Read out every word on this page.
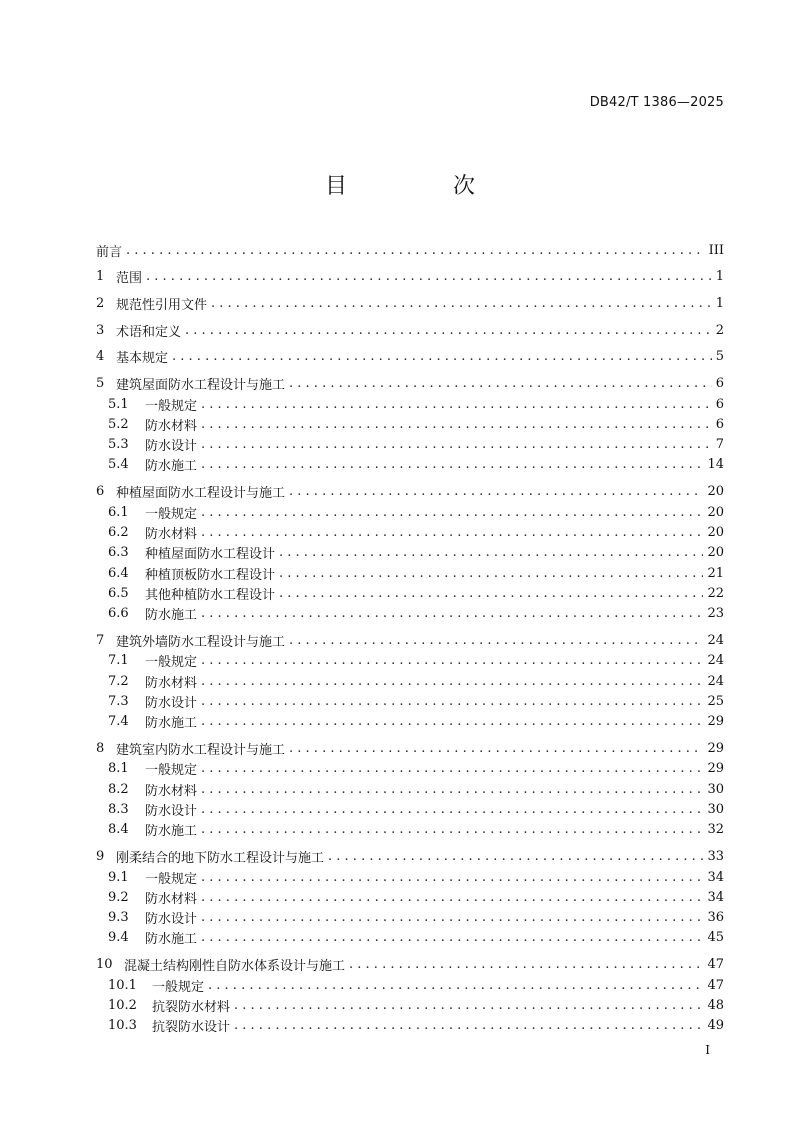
DB42/T 1386—2025
目　次
前言 . . .	III
1 范围 . . .	1
2 规范性引用文件 . . .	1
3 术语和定义 . . .	2
4 基本规定 . . .	5
5 建筑屋面防水工程设计与施工 . . .	6
5.1	一般规定 . . .	6
5.2	防水材料 . . .	6
5.3	防水设计 . . .	7
5.4	防水施工 . . .	14
6 种植屋面防水工程设计与施工 . . .	20
6.1	一般规定 . . .	20
6.2	防水材料 . . .	20
6.3	种植屋面防水工程设计 . . .	20
6.4	种植顶板防水工程设计 . . .	21
6.5	其他种植防水工程设计 . . .	22
6.6	防水施工 . . .	23
7 建筑外墙防水工程设计与施工 . . .	24
7.1	一般规定 . . .	24
7.2	防水材料 . . .	24
7.3	防水设计 . . .	25
7.4	防水施工 . . .	29
8 建筑室内防水工程设计与施工 . . .	29
8.1	一般规定 . . .	29
8.2	防水材料 . . .	30
8.3	防水设计 . . .	30
8.4	防水施工 . . .	32
9 刚柔结合的地下防水工程设计与施工 . . .	33
9.1	一般规定 . . .	34
9.2	防水材料 . . .	34
9.3	防水设计 . . .	36
9.4	防水施工 . . .	45
10 混凝土结构刚性自防水体系设计与施工 . . .	47
10.1	一般规定 . . .	47
10.2	抗裂防水材料 . . .	48
10.3	抗裂防水设计 . . .	49
I
